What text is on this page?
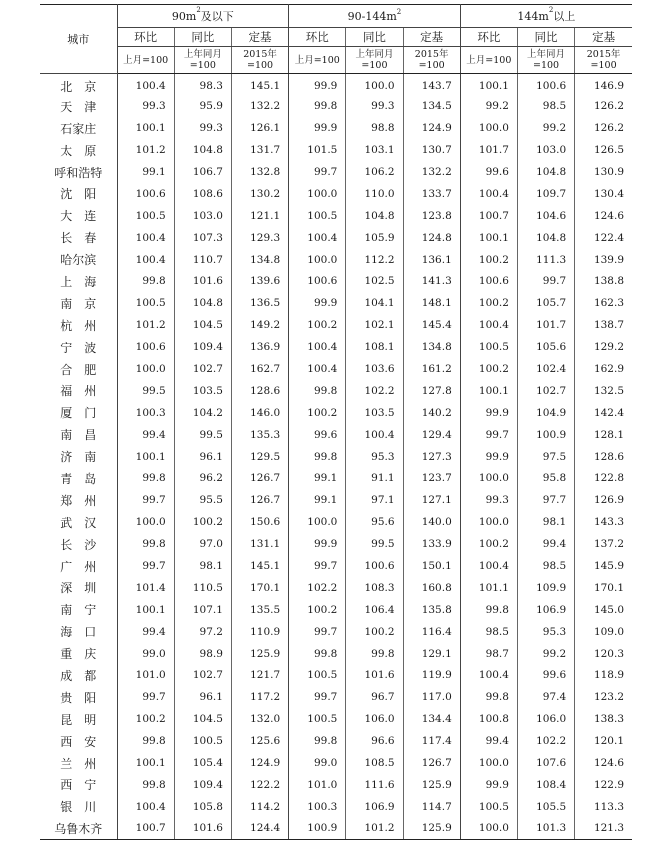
城市	$90m^2$及以下			$90-144m^2$			$144m^2$以上		
	环比	同比	定基	环比	同比	定基	环比	同比	定基
	上月=100	上年同月=100	2015年=100	上月=100	上年同月=100	2015年=100	上月=100	上年同月=100	2015年=100
北　京	100.4	98.3	145.1	99.9	100.0	143.7	100.1	100.6	146.9
天　津	99.3	95.9	132.2	99.8	99.3	134.5	99.2	98.5	126.2
石家庄	100.1	99.3	126.1	99.9	98.8	124.9	100.0	99.2	126.2
太　原	101.2	104.8	131.7	101.5	103.1	130.7	101.7	103.0	126.5
呼和浩特	99.1	106.7	132.8	99.7	106.2	132.2	99.6	104.8	130.9
沈　阳	100.6	108.6	130.2	100.0	110.0	133.7	100.4	109.7	130.4
大　连	100.5	103.0	121.1	100.5	104.8	123.8	100.7	104.6	124.6
长　春	100.4	107.3	129.3	100.4	105.9	124.8	100.1	104.8	122.4
哈尔滨	100.4	110.7	134.8	100.0	112.2	136.1	100.2	111.3	139.9
上　海	99.8	101.6	139.6	100.6	102.5	141.3	100.6	99.7	138.8
南　京	100.5	104.8	136.5	99.9	104.1	148.1	100.2	105.7	162.3
杭　州	101.2	104.5	149.2	100.2	102.1	145.4	100.4	101.7	138.7
宁　波	100.6	109.4	136.9	100.4	108.1	134.8	100.5	105.6	129.2
合　肥	100.0	102.7	162.7	100.4	103.6	161.2	100.2	102.4	162.9
福　州	99.5	103.5	128.6	99.8	102.2	127.8	100.1	102.7	132.5
厦　门	100.3	104.2	146.0	100.2	103.5	140.2	99.9	104.9	142.4
南　昌	99.4	99.5	135.3	99.6	100.4	129.4	99.7	100.9	128.1
济　南	100.1	96.1	129.5	99.8	95.3	127.3	99.9	97.5	128.6
青　岛	99.8	96.2	126.7	99.1	91.1	123.7	100.0	95.8	122.8
郑　州	99.7	95.5	126.7	99.1	97.1	127.1	99.3	97.7	126.9
武　汉	100.0	100.2	150.6	100.0	95.6	140.0	100.0	98.1	143.3
长　沙	99.8	97.0	131.1	99.9	99.5	133.9	100.2	99.4	137.2
广　州	99.7	98.1	145.1	99.7	100.6	150.1	100.4	98.5	145.9
深　圳	101.4	110.5	170.1	102.2	108.3	160.8	101.1	109.9	170.1
南　宁	100.1	107.1	135.5	100.2	106.4	135.8	99.8	106.9	145.0
海　口	99.4	97.2	110.9	99.7	100.2	116.4	98.5	95.3	109.0
重　庆	99.0	98.9	125.9	99.8	99.8	129.1	98.7	99.2	120.3
成　都	101.0	102.7	121.7	100.5	101.6	119.9	100.4	99.6	118.9
贵　阳	99.7	96.1	117.2	99.7	96.7	117.0	99.8	97.4	123.2
昆　明	100.2	104.5	132.0	100.5	106.0	134.4	100.8	106.0	138.3
西　安	99.8	100.5	125.6	99.8	96.6	117.4	99.4	102.2	120.1
兰　州	100.1	105.4	124.9	99.0	108.5	126.7	100.0	107.6	124.6
西　宁	99.8	109.4	122.2	101.0	111.6	125.9	99.9	108.4	122.9
银　川	100.4	105.8	114.2	100.3	106.9	114.7	100.5	105.5	113.3
乌鲁木齐	100.7	101.6	124.4	100.9	101.2	125.9	100.0	101.3	121.3
